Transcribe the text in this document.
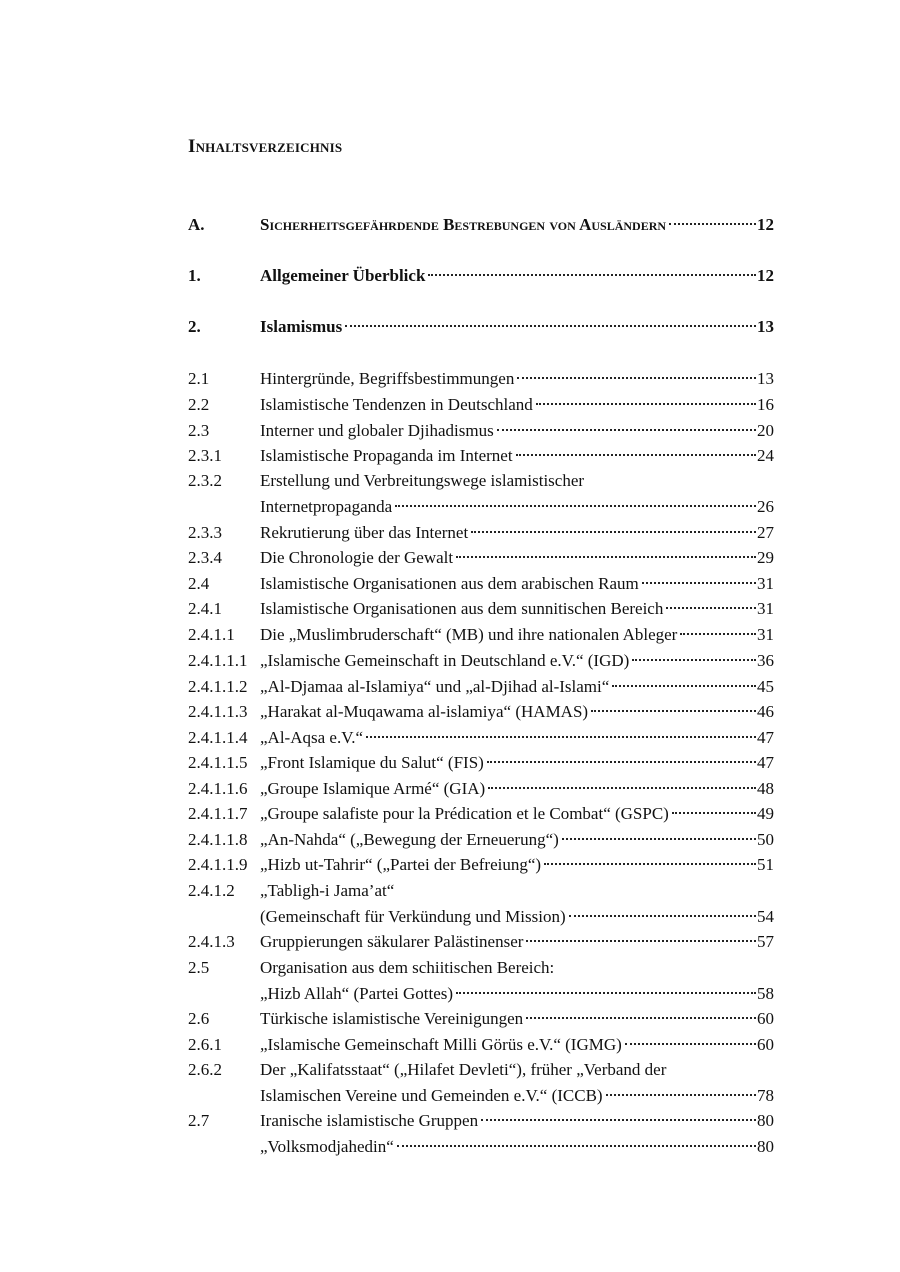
Inhaltsverzeichnis
A.	Sicherheitsgefährdende Bestrebungen von Ausländern	12
1.	Allgemeiner Überblick	12
2.	Islamismus	13
2.1	Hintergründe, Begriffsbestimmungen	13
2.2	Islamistische Tendenzen in Deutschland	16
2.3	Interner und globaler Djihadismus	20
2.3.1 Islamistische Propaganda im Internet	24
2.3.2 Erstellung und Verbreitungswege islamistischer
Internetpropaganda	26
2.3.3 Rekrutierung über das Internet	27
2.3.4 Die Chronologie der Gewalt	29
2.4	Islamistische Organisationen aus dem arabischen Raum	31
2.4.1 Islamistische Organisationen aus dem sunnitischen Bereich	31
2.4.1.1 Die „Muslimbruderschaft“ (MB) und ihre nationalen Ableger	31
2.4.1.1.1 „Islamische Gemeinschaft in Deutschland e.V.“ (IGD)	36
2.4.1.1.2 „Al-Djamaa al-Islamiya“ und „al-Djihad al-Islami“	45
2.4.1.1.3 „Harakat al-Muqawama al-islamiya“ (HAMAS)	46
2.4.1.1.4 „Al-Aqsa e.V.“	47
2.4.1.1.5 „Front Islamique du Salut“ (FIS)	47
2.4.1.1.6 „Groupe Islamique Armé“ (GIA)	48
2.4.1.1.7 „Groupe salafiste pour la Prédication et le Combat“ (GSPC)	49
2.4.1.1.8 „An-Nahda“ („Bewegung der Erneuerung“)	50
2.4.1.1.9 „Hizb ut-Tahrir“ („Partei der Befreiung“)	51
2.4.1.2 „Tabligh-i Jama’at“
(Gemeinschaft für Verkündung und Mission)	54
2.4.1.3 Gruppierungen säkularer Palästinenser	57
2.5	Organisation aus dem schiitischen Bereich:
„Hizb Allah“ (Partei Gottes)	58
2.6	Türkische islamistische Vereinigungen	60
2.6.1 „Islamische Gemeinschaft Milli Görüs e.V.“ (IGMG)	60
2.6.2 Der „Kalifatsstaat“ („Hilafet Devleti“), früher „Verband der
Islamischen Vereine und Gemeinden e.V.“ (ICCB)	78
2.7	Iranische islamistische Gruppen	80
„Volksmodjahedin“	80
